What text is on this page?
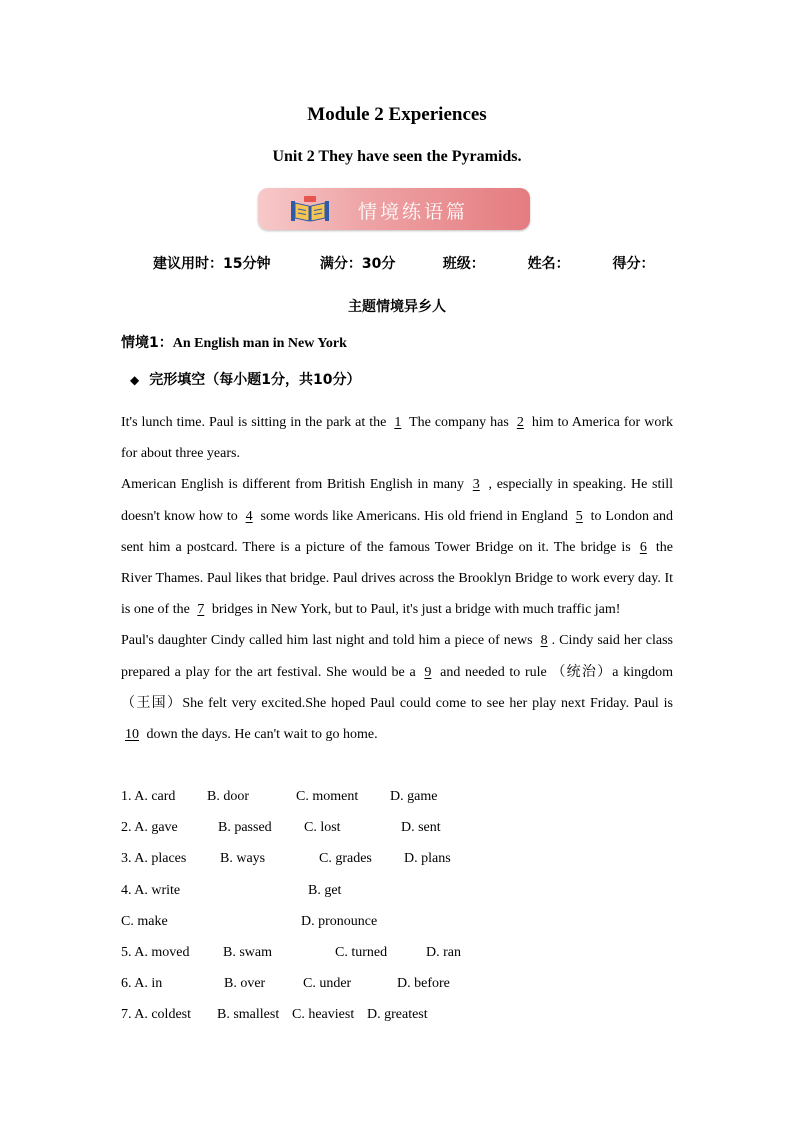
Module 2 Experiences
Unit 2 They have seen the Pyramids.
情境练语篇
建议用时：15分钟	满分：30分	班级：	姓名：	得分：
主题情境异乡人
情境1：An English man in New York
◆ 完形填空（每小题1分，共10分）

It's lunch time. Paul is sitting in the park at the 1 The company has 2 him to America for work for about three years.

American English is different from British English in many 3 , especially in speaking. He still doesn't know how to 4 some words like Americans. His old friend in England 5 to London and sent him a postcard. There is a picture of the famous Tower Bridge on it. The bridge is 6 the River Thames. Paul likes that bridge. Paul drives across the Brooklyn Bridge to work every day. It is one of the 7 bridges in New York, but to Paul, it's just a bridge with much traffic jam!

Paul's daughter Cindy called him last night and told him a piece of news 8 . Cindy said her class prepared a play for the art festival. She would be a 9 and needed to rule （统治）a kingdom（王国）She felt very excited.She hoped Paul could come to see her play next Friday. Paul is 10 down the days. He can't wait to go home.

1. A. card B. door	C. moment D. game
2. A. gave	B. passed C. lost	D. sent
3. A. places B. ways	C. grades D. plans
4. A. write	B. get
C. make	D. pronounce
5. A. moved B. swam	C. turned	D. ran
6. A. in	B. over	C. under	D. before
7. A. coldest B. smallest C. heaviest D. greatest
